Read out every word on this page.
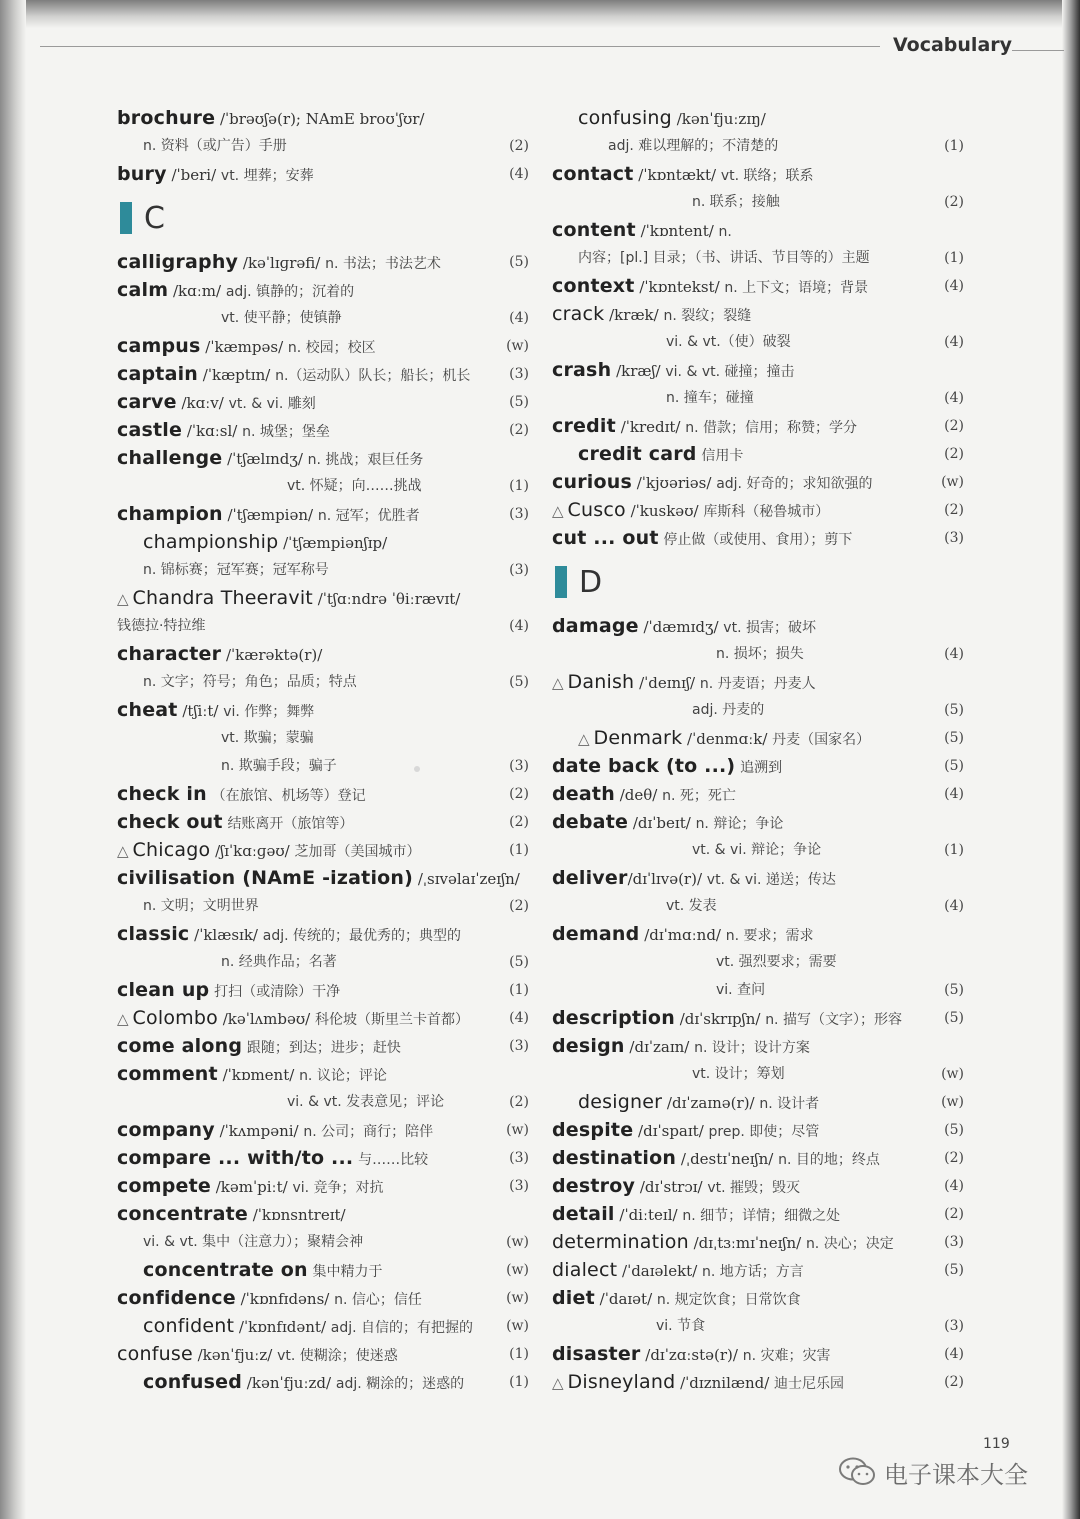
Vocabulary
brochure /ˈbrəʊʃə(r); NAmE broʊˈʃʊr/
n. 资料（或广告）手册	(2)
bury /ˈberi/ vt. 埋葬；安葬	(4)
C
calligraphy /kəˈlɪɡrəfi/ n. 书法；书法艺术	(5)
calm /kɑːm/ adj. 镇静的；沉着的
vt. 使平静；使镇静	(4)
campus /ˈkæmpəs/ n. 校园；校区	(w)
captain /ˈkæptɪn/ n.（运动队）队长；船长；机长	(3)
carve /kɑːv/ vt. & vi. 雕刻	(5)
castle /ˈkɑːsl/ n. 城堡；堡垒	(2)
challenge /ˈtʃælɪndʒ/ n. 挑战；艰巨任务
vt. 怀疑；向……挑战	(1)
champion /ˈtʃæmpiən/ n. 冠军；优胜者	(3)
championship /ˈtʃæmpiənʃɪp/
n. 锦标赛；冠军赛；冠军称号	(3)
△ Chandra Theeravit /ˈtʃɑːndrə ˈθiːrævɪt/
钱德拉·特拉维	(4)
character /ˈkærəktə(r)/
n. 文字；符号；角色；品质；特点	(5)
cheat /tʃiːt/ vi. 作弊；舞弊
vt. 欺骗；蒙骗
n. 欺骗手段；骗子	(3)
check in （在旅馆、机场等）登记	(2)
check out 结账离开（旅馆等）	(2)
△ Chicago /ʃɪˈkɑːɡəʊ/ 芝加哥（美国城市）	(1)
civilisation (NAmE -ization) /ˌsɪvəlaɪˈzeɪʃn/
n. 文明；文明世界	(2)
classic /ˈklæsɪk/ adj. 传统的；最优秀的；典型的
n. 经典作品；名著	(5)
clean up 打扫（或清除）干净	(1)
△ Colombo /kəˈlʌmbəʊ/ 科伦坡（斯里兰卡首都）	(4)
come along 跟随；到达；进步；赶快	(3)
comment /ˈkɒment/ n. 议论；评论
vi. & vt. 发表意见；评论	(2)
company /ˈkʌmpəni/ n. 公司；商行；陪伴	(w)
compare ... with/to ... 与……比较	(3)
compete /kəmˈpiːt/ vi. 竞争；对抗	(3)
concentrate /ˈkɒnsntreɪt/
vi. & vt. 集中（注意力）；聚精会神	(w)
concentrate on 集中精力于	(w)
confidence /ˈkɒnfɪdəns/ n. 信心；信任	(w)
confident /ˈkɒnfɪdənt/ adj. 自信的；有把握的	(w)
confuse /kənˈfjuːz/ vt. 使糊涂；使迷惑	(1)
confused /kənˈfjuːzd/ adj. 糊涂的；迷惑的	(1)
confusing /kənˈfjuːzɪŋ/
adj. 难以理解的；不清楚的	(1)
contact /ˈkɒntækt/ vt. 联络；联系
n. 联系；接触	(2)
content /ˈkɒntent/ n.
内容；[pl.] 目录；（书、讲话、节目等的）主题	(1)
context /ˈkɒntekst/ n. 上下文；语境；背景	(4)
crack /kræk/ n. 裂纹；裂缝
vi. & vt.（使）破裂	(4)
crash /kræʃ/ vi. & vt. 碰撞；撞击
n. 撞车；碰撞	(4)
credit /ˈkredɪt/ n. 借款；信用；称赞；学分	(2)
credit card 信用卡	(2)
curious /ˈkjʊəriəs/ adj. 好奇的；求知欲强的	(w)
△ Cusco /ˈkuskəʊ/ 库斯科（秘鲁城市）	(2)
cut ... out 停止做（或使用、食用）；剪下	(3)
D
damage /ˈdæmɪdʒ/ vt. 损害；破坏
n. 损坏；损失	(4)
△ Danish /ˈdeɪnɪʃ/ n. 丹麦语；丹麦人
adj. 丹麦的	(5)
△ Denmark /ˈdenmɑːk/ 丹麦（国家名）	(5)
date back (to ...) 追溯到	(5)
death /deθ/ n. 死；死亡	(4)
debate /dɪˈbeɪt/ n. 辩论；争论
vt. & vi. 辩论；争论	(1)
deliver/dɪˈlɪvə(r)/ vt. & vi. 递送；传达
vt. 发表	(4)
demand /dɪˈmɑːnd/ n. 要求；需求
vt. 强烈要求；需要
vi. 查问	(5)
description /dɪˈskrɪpʃn/ n. 描写（文字）；形容	(5)
design /dɪˈzaɪn/ n. 设计；设计方案
vt. 设计；筹划	(w)
designer /dɪˈzaɪnə(r)/ n. 设计者	(w)
despite /dɪˈspaɪt/ prep. 即使；尽管	(5)
destination /ˌdestɪˈneɪʃn/ n. 目的地；终点	(2)
destroy /dɪˈstrɔɪ/ vt. 摧毁；毁灭	(4)
detail /ˈdiːteɪl/ n. 细节；详情；细微之处	(2)
determination /dɪˌtɜːmɪˈneɪʃn/ n. 决心；决定	(3)
dialect /ˈdaɪəlekt/ n. 地方话；方言	(5)
diet /ˈdaɪət/ n. 规定饮食；日常饮食
vi. 节食	(3)
disaster /dɪˈzɑːstə(r)/ n. 灾难；灾害	(4)
△ Disneyland /ˈdɪznilænd/ 迪士尼乐园	(2)
119
电子课本大全
